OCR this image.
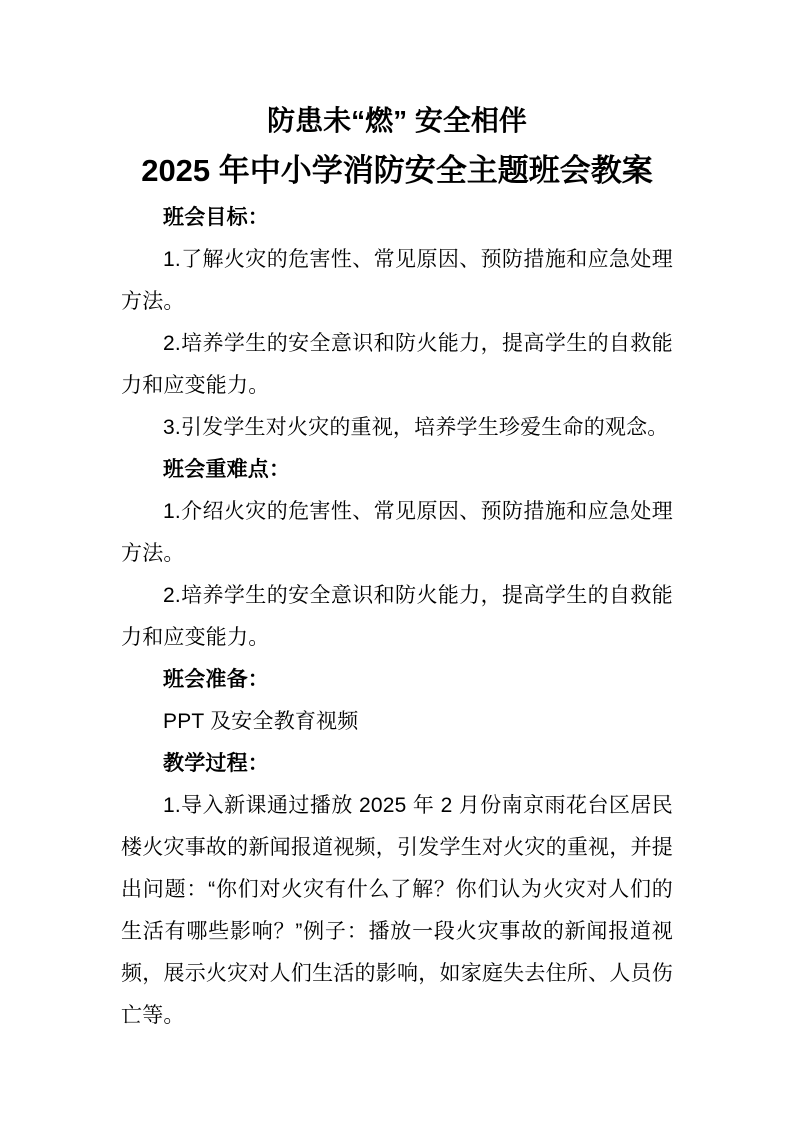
防患未“燃” 安全相伴
2025 年中小学消防安全主题班会教案

班会目标：

1.了解火灾的危害性、常见原因、预防措施和应急处理方法。

2.培养学生的安全意识和防火能力，提高学生的自救能力和应变能力。

3.引发学生对火灾的重视，培养学生珍爱生命的观念。

班会重难点：

1.介绍火灾的危害性、常见原因、预防措施和应急处理方法。

2.培养学生的安全意识和防火能力，提高学生的自救能力和应变能力。

班会准备：

PPT 及安全教育视频

教学过程：

1.导入新课通过播放 2025 年 2 月份南京雨花台区居民楼火灾事故的新闻报道视频，引发学生对火灾的重视，并提出问题：“你们对火灾有什么了解？你们认为火灾对人们的生活有哪些影响？”例子：播放一段火灾事故的新闻报道视频，展示火灾对人们生活的影响，如家庭失去住所、人员伤亡等。
